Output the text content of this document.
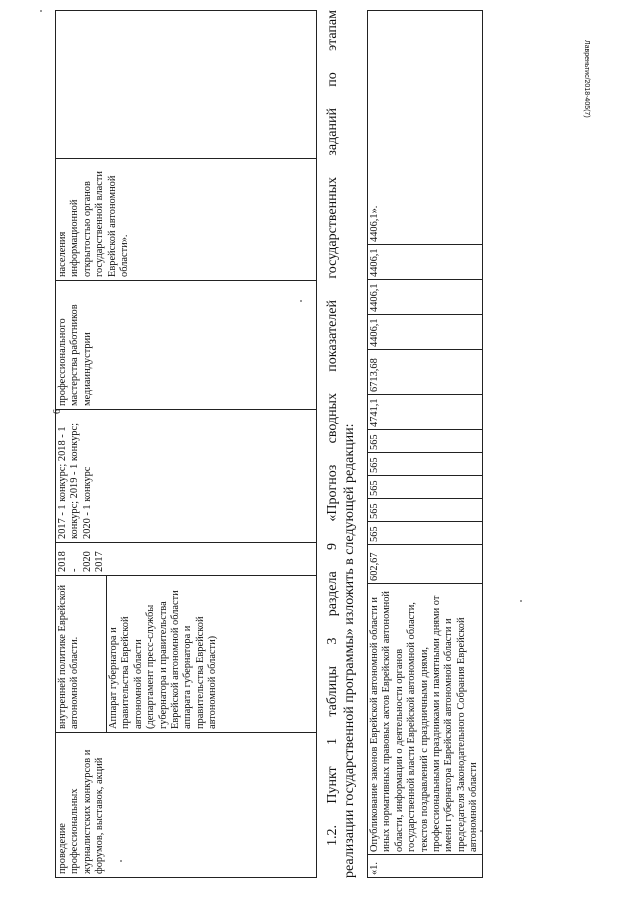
6
Лавреньтис/2018-405(7)
проведение профессиональных журналистских конкурсов и форумов, выставок, акций	внутренней политике Еврейской автономной области.	2018 - 2020 2017	2017 - 1 конкурс; 2018 - 1 конкурс; 2019 - 1 конкурс; 2020 - 1 конкурс	профессионального мастерства работников медиаиндустрии	населения информационной открытостью органов государственной власти Еврейской автономной области».	
Аппарат губернатора и правительства Еврейской автономной области (департамент пресс-службы губернатора и правительства Еврейской автономной области аппарата губернатора и правительства Еврейской автономной области)	1.2. Пункт 1 таблицы 3 раздела 9 «Прогноз сводных показателей государственных заданий по этапам реализации государственной программы» изложить в следующей редакции: «1.	Опубликование законов Еврейской автономной области и иных нормативных правовых актов Еврейской автономной области, информации о деятельности органов государственной власти Еврейской автономной области, текстов поздравлений с праздничными днями, профессиональными праздниками и памятными днями от имени губернатора Еврейской автономной области и председателя Законодательного Собрания Еврейской автономной области	602,67	565	565	565	565	565	4741,1	6713,68	4406,1	4406,1	4406,1	4406,1».
